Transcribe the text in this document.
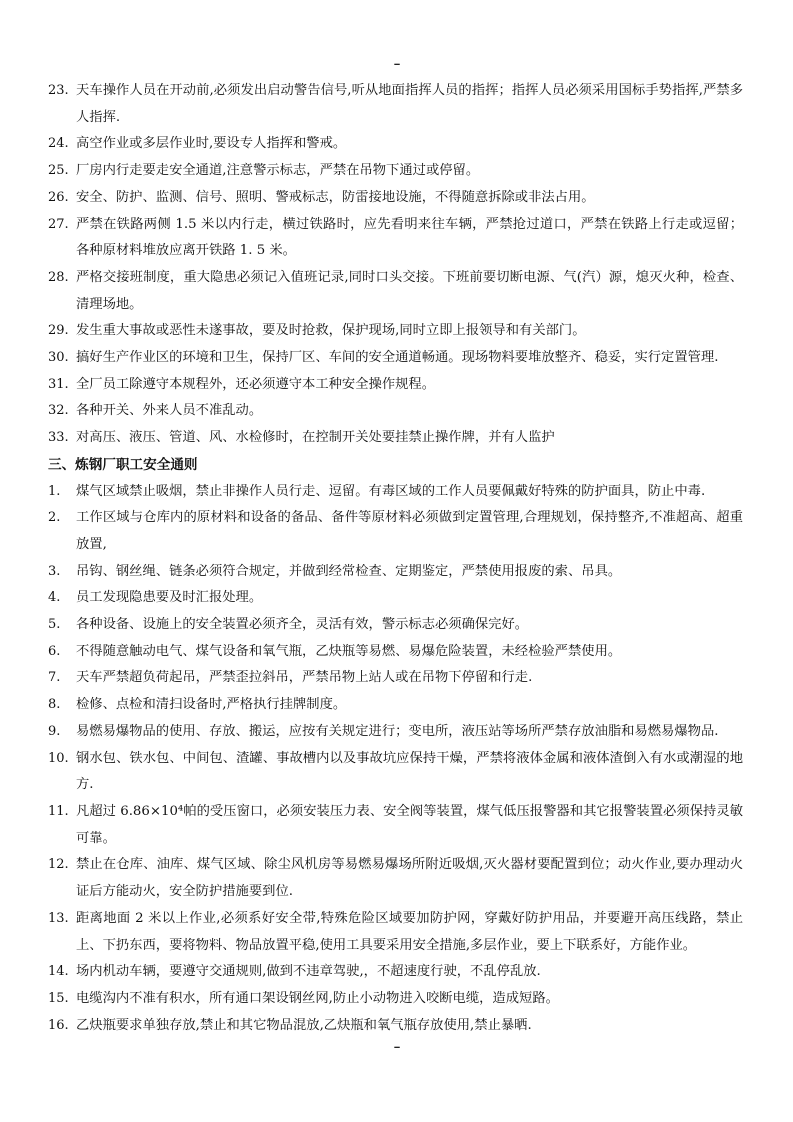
--
23. 天车操作人员在开动前,必须发出启动警告信号,听从地面指挥人员的指挥；指挥人员必须采用国标手势指挥,严禁多人指挥.
24. 高空作业或多层作业时,要设专人指挥和警戒。
25. 厂房内行走要走安全通道,注意警示标志，严禁在吊物下通过或停留。
26. 安全、防护、监测、信号、照明、警戒标志，防雷接地设施，不得随意拆除或非法占用。
27. 严禁在铁路两侧 1.5 米以内行走，横过铁路时，应先看明来往车辆，严禁抢过道口，严禁在铁路上行走或逗留；各种原材料堆放应离开铁路 1. 5 米。
28. 严格交接班制度，重大隐患必须记入值班记录,同时口头交接。下班前要切断电源、气(汽）源，熄灭火种，检查、清理场地。
29. 发生重大事故或恶性未遂事故，要及时抢救，保护现场,同时立即上报领导和有关部门。
30. 搞好生产作业区的环境和卫生，保持厂区、车间的安全通道畅通。现场物料要堆放整齐、稳妥，实行定置管理.
31. 全厂员工除遵守本规程外，还必须遵守本工种安全操作规程。
32. 各种开关、外来人员不准乱动。
33. 对高压、液压、管道、风、水检修时，在控制开关处要挂禁止操作牌，并有人监护
三、炼钢厂职工安全通则
1. 煤气区域禁止吸烟，禁止非操作人员行走、逗留。有毒区域的工作人员要佩戴好特殊的防护面具，防止中毒.
2. 工作区域与仓库内的原材料和设备的备品、备件等原材料必须做到定置管理,合理规划，保持整齐,不准超高、超重放置,
3. 吊钩、钢丝绳、链条必须符合规定，并做到经常检查、定期鉴定，严禁使用报废的索、吊具。
4. 员工发现隐患要及时汇报处理。
5. 各种设备、设施上的安全装置必须齐全，灵活有效，警示标志必须确保完好。
6. 不得随意触动电气、煤气设备和氧气瓶，乙炔瓶等易燃、易爆危险装置，未经检验严禁使用。
7. 天车严禁超负荷起吊，严禁歪拉斜吊，严禁吊物上站人或在吊物下停留和行走.
8. 检修、点检和清扫设备时,严格执行挂牌制度。
9. 易燃易爆物品的使用、存放、搬运，应按有关规定进行；变电所，液压站等场所严禁存放油脂和易燃易爆物品.
10. 钢水包、铁水包、中间包、渣罐、事故槽内以及事故坑应保持干燥，严禁将液体金属和液体渣倒入有水或潮湿的地方.
11. 凡超过 6.86×10⁴帕的受压窗口，必须安装压力表、安全阀等装置，煤气低压报警器和其它报警装置必须保持灵敏可靠。
12. 禁止在仓库、油库、煤气区域、除尘风机房等易燃易爆场所附近吸烟,灭火器材要配置到位；动火作业,要办理动火证后方能动火，安全防护措施要到位.
13. 距离地面 2 米以上作业,必须系好安全带,特殊危险区域要加防护网，穿戴好防护用品，并要避开高压线路，禁止上、下扔东西，要将物料、物品放置平稳,使用工具要采用安全措施,多层作业，要上下联系好，方能作业。
14. 场内机动车辆，要遵守交通规则,做到不违章驾驶,，不超速度行驶，不乱停乱放.
15. 电缆沟内不准有积水，所有通口架设钢丝网,防止小动物进入咬断电缆，造成短路。
16. 乙炔瓶要求单独存放,禁止和其它物品混放,乙炔瓶和氧气瓶存放使用,禁止暴晒.
--
